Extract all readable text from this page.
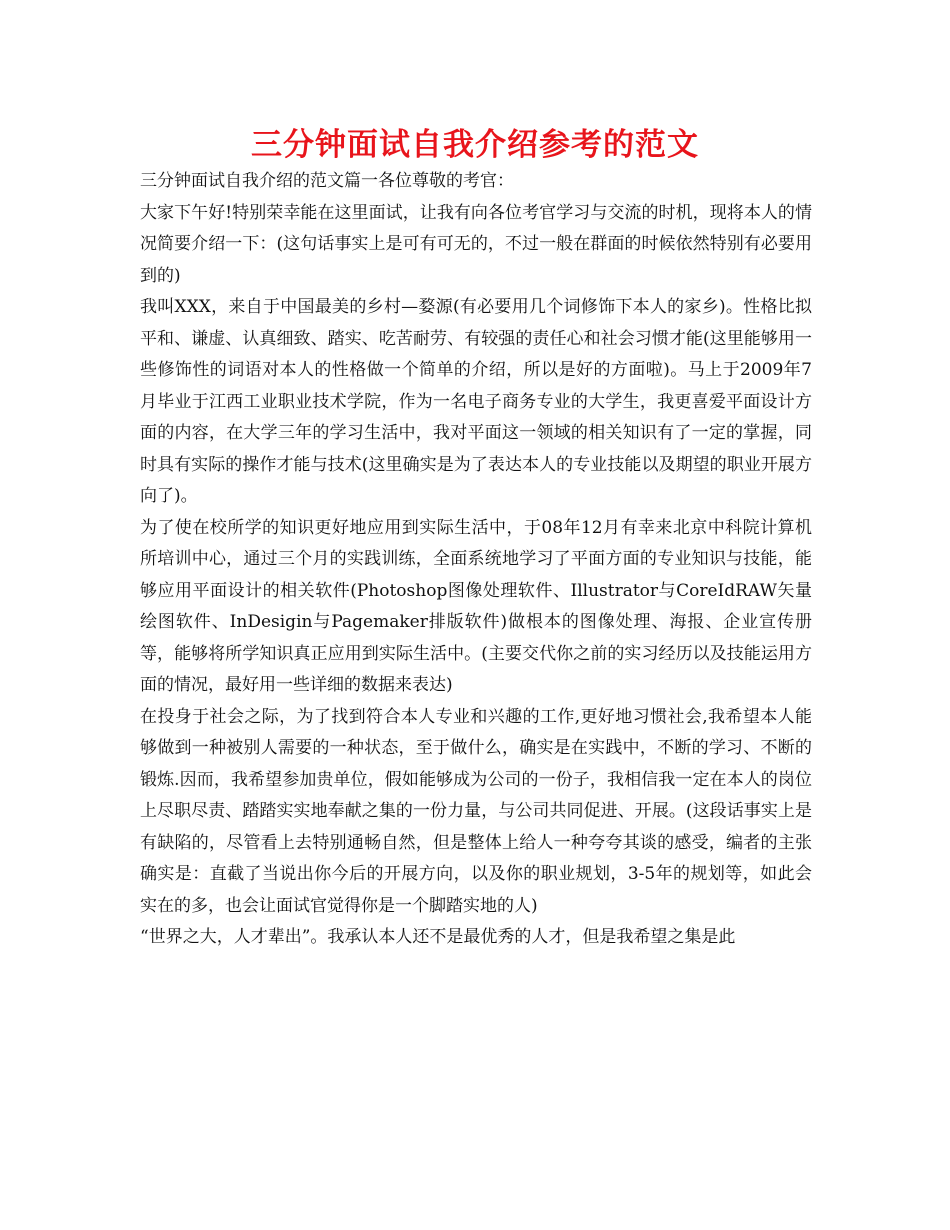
三分钟面试自我介绍参考的范文

三分钟面试自我介绍的范文篇一各位尊敬的考官：

大家下午好!特别荣幸能在这里面试，让我有向各位考官学习与交流的时机，现将本人的情况简要介绍一下：(这句话事实上是可有可无的，不过一般在群面的时候依然特别有必要用到的)

我叫XXX，来自于中国最美的乡村—婺源(有必要用几个词修饰下本人的家乡)。性格比拟平和、谦虚、认真细致、踏实、吃苦耐劳、有较强的责任心和社会习惯才能(这里能够用一些修饰性的词语对本人的性格做一个简单的介绍，所以是好的方面啦)。马上于2009年7月毕业于江西工业职业技术学院，作为一名电子商务专业的大学生，我更喜爱平面设计方面的内容，在大学三年的学习生活中，我对平面这一领域的相关知识有了一定的掌握，同时具有实际的操作才能与技术(这里确实是为了表达本人的专业技能以及期望的职业开展方向了)。

为了使在校所学的知识更好地应用到实际生活中，于08年12月有幸来北京中科院计算机所培训中心，通过三个月的实践训练，全面系统地学习了平面方面的专业知识与技能，能够应用平面设计的相关软件(Photoshop图像处理软件、Illustrator与CoreIdRAW矢量绘图软件、InDesigin与Pagemaker排版软件)做根本的图像处理、海报、企业宣传册等，能够将所学知识真正应用到实际生活中。(主要交代你之前的实习经历以及技能运用方面的情况，最好用一些详细的数据来表达)

在投身于社会之际，为了找到符合本人专业和兴趣的工作,更好地习惯社会,我希望本人能够做到一种被别人需要的一种状态，至于做什么，确实是在实践中，不断的学习、不断的锻炼.因而，我希望参加贵单位，假如能够成为公司的一份子，我相信我一定在本人的岗位上尽职尽责、踏踏实实地奉献之集的一份力量，与公司共同促进、开展。(这段话事实上是有缺陷的，尽管看上去特别通畅自然，但是整体上给人一种夸夸其谈的感受，编者的主张确实是：直截了当说出你今后的开展方向，以及你的职业规划，3-5年的规划等，如此会实在的多，也会让面试官觉得你是一个脚踏实地的人)

“世界之大，人才辈出”。我承认本人还不是最优秀的人才，但是我希望之集是此
